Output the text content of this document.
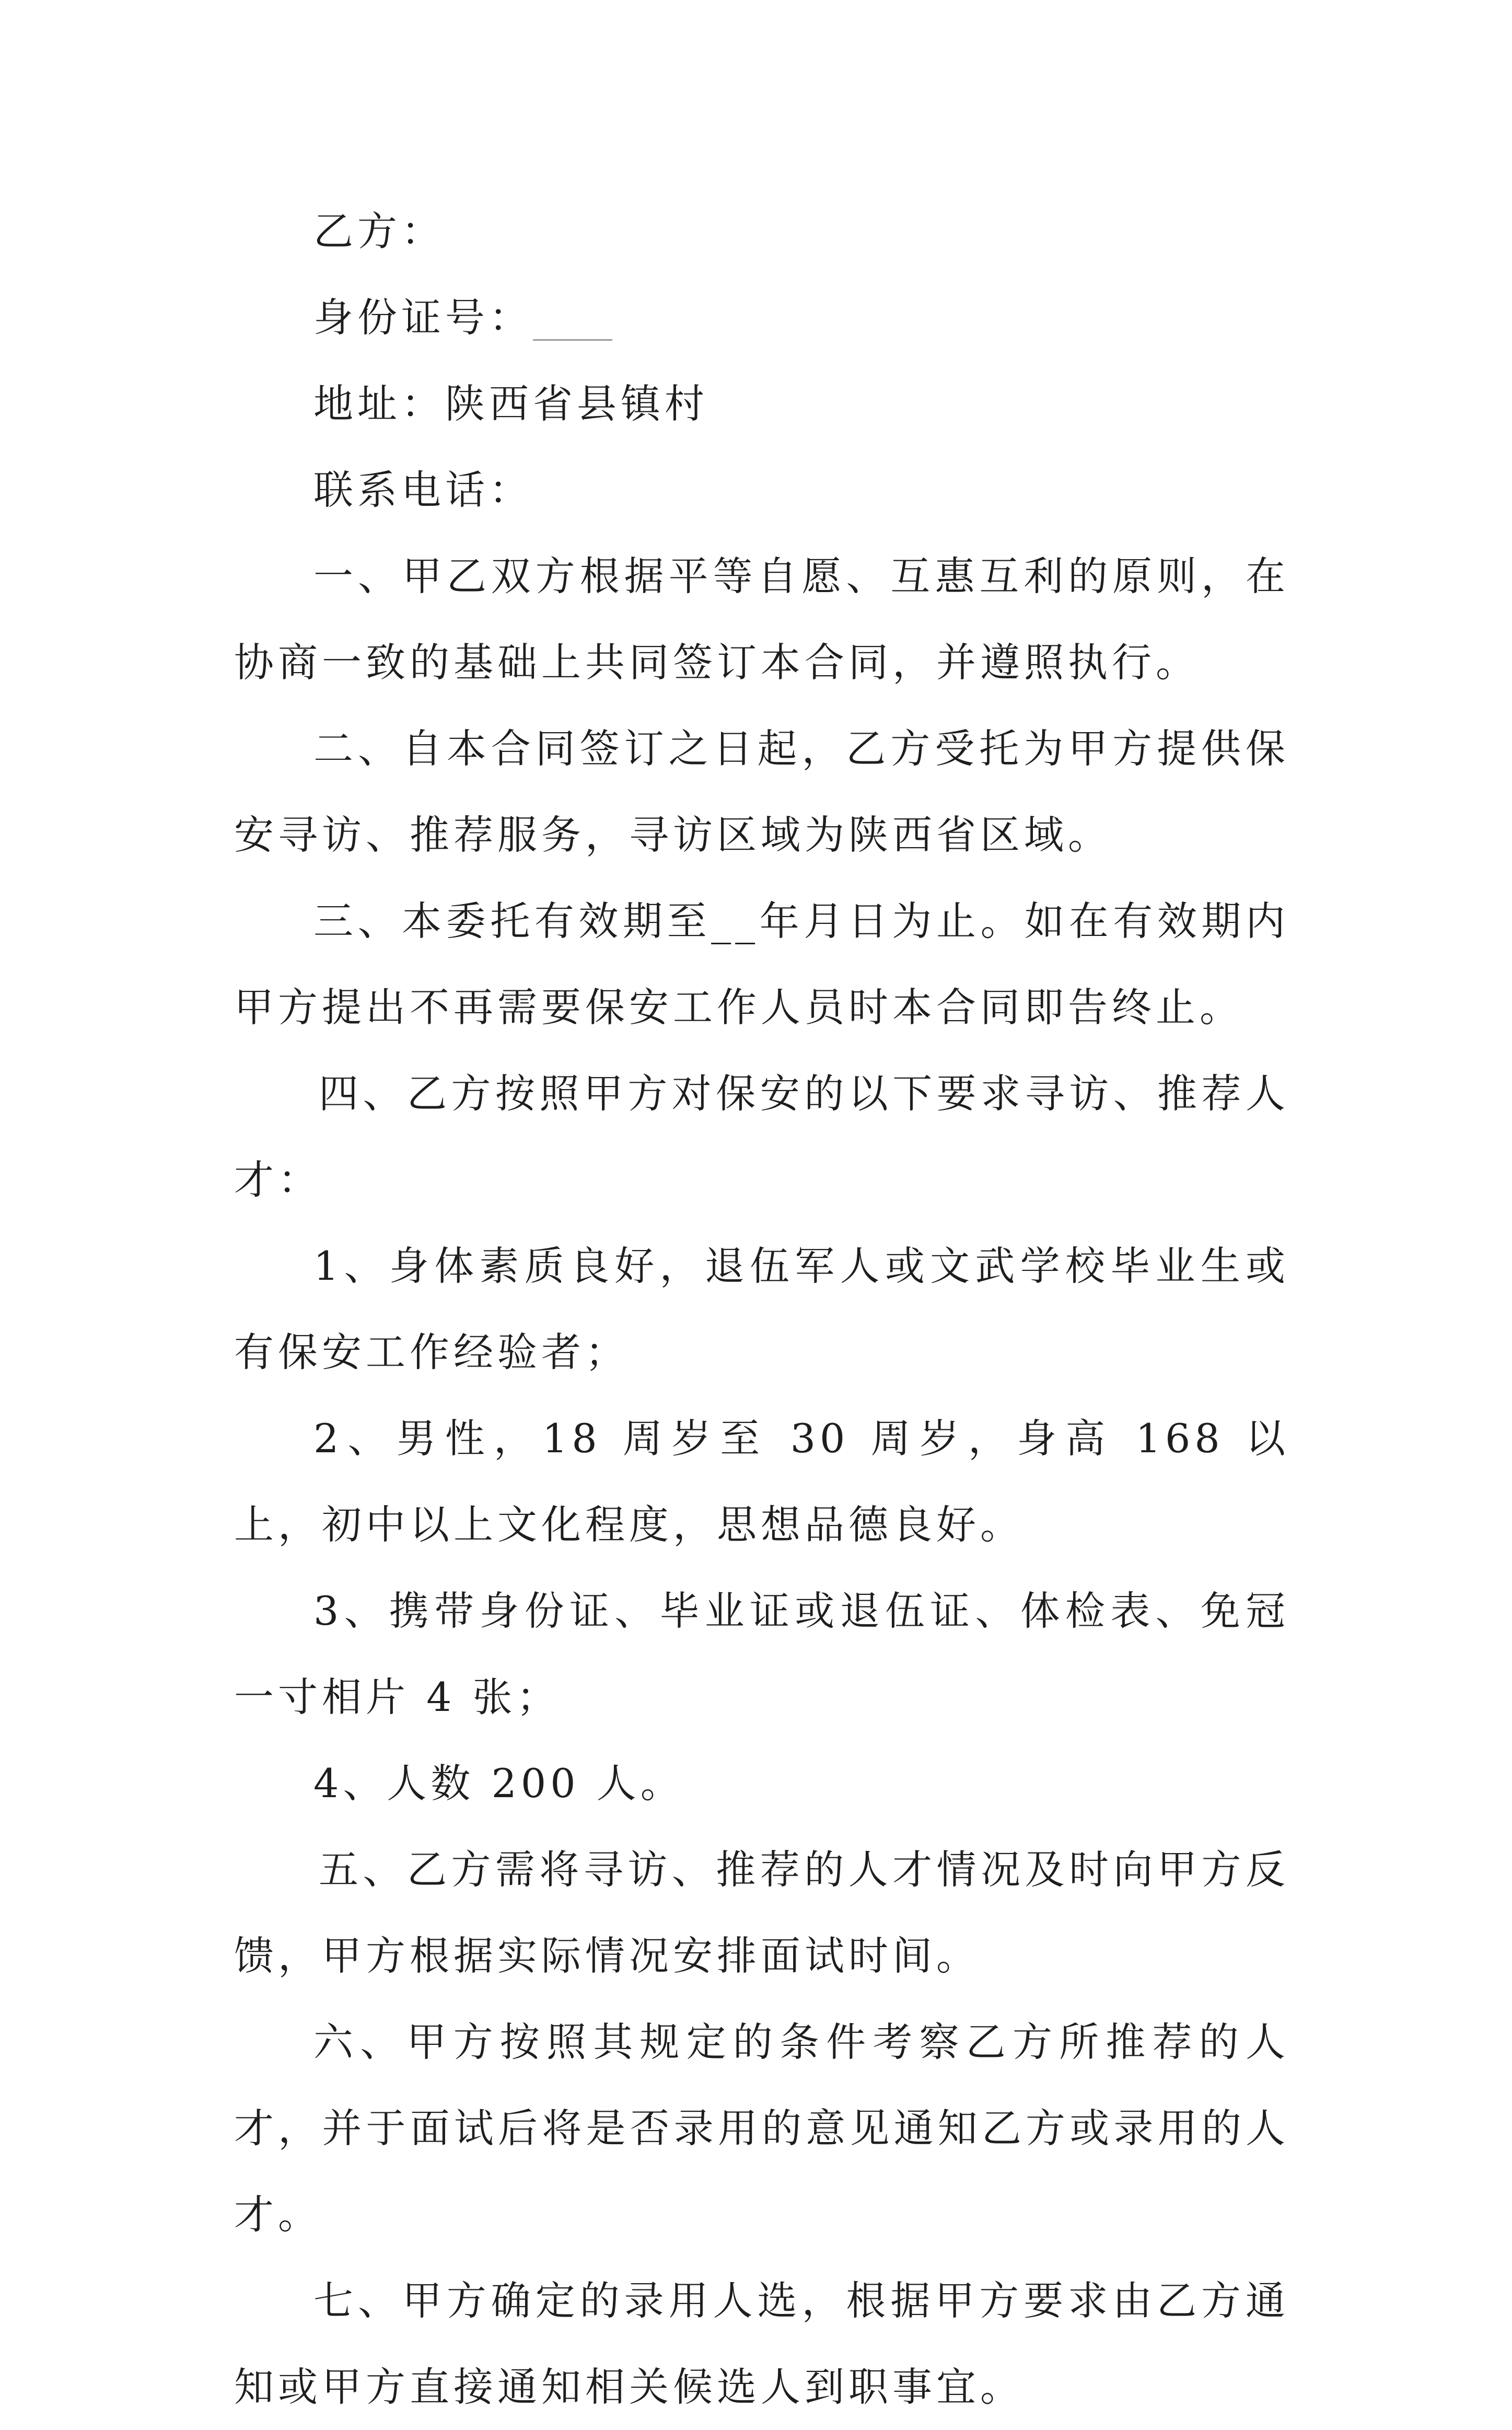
乙方：

身份证号：____

地址：陕西省县镇村

联系电话：

一、甲乙双方根据平等自愿、互惠互利的原则，在协商一致的基础上共同签订本合同，并遵照执行。

二、自本合同签订之日起，乙方受托为甲方提供保安寻访、推荐服务，寻访区域为陕西省区域。

三、本委托有效期至__年月日为止。如在有效期内甲方提出不再需要保安工作人员时本合同即告终止。

四、乙方按照甲方对保安的以下要求寻访、推荐人才：

1、身体素质良好，退伍军人或文武学校毕业生或有保安工作经验者；

2、男性，18 周岁至 30 周岁，身高 168 以上，初中以上文化程度，思想品德良好。

3、携带身份证、毕业证或退伍证、体检表、免冠一寸相片 4 张；

4、人数 200 人。

五、乙方需将寻访、推荐的人才情况及时向甲方反馈，甲方根据实际情况安排面试时间。

六、甲方按照其规定的条件考察乙方所推荐的人才，并于面试后将是否录用的意见通知乙方或录用的人才。

七、甲方确定的录用人选，根据甲方要求由乙方通知或甲方直接通知相关候选人到职事宜。
